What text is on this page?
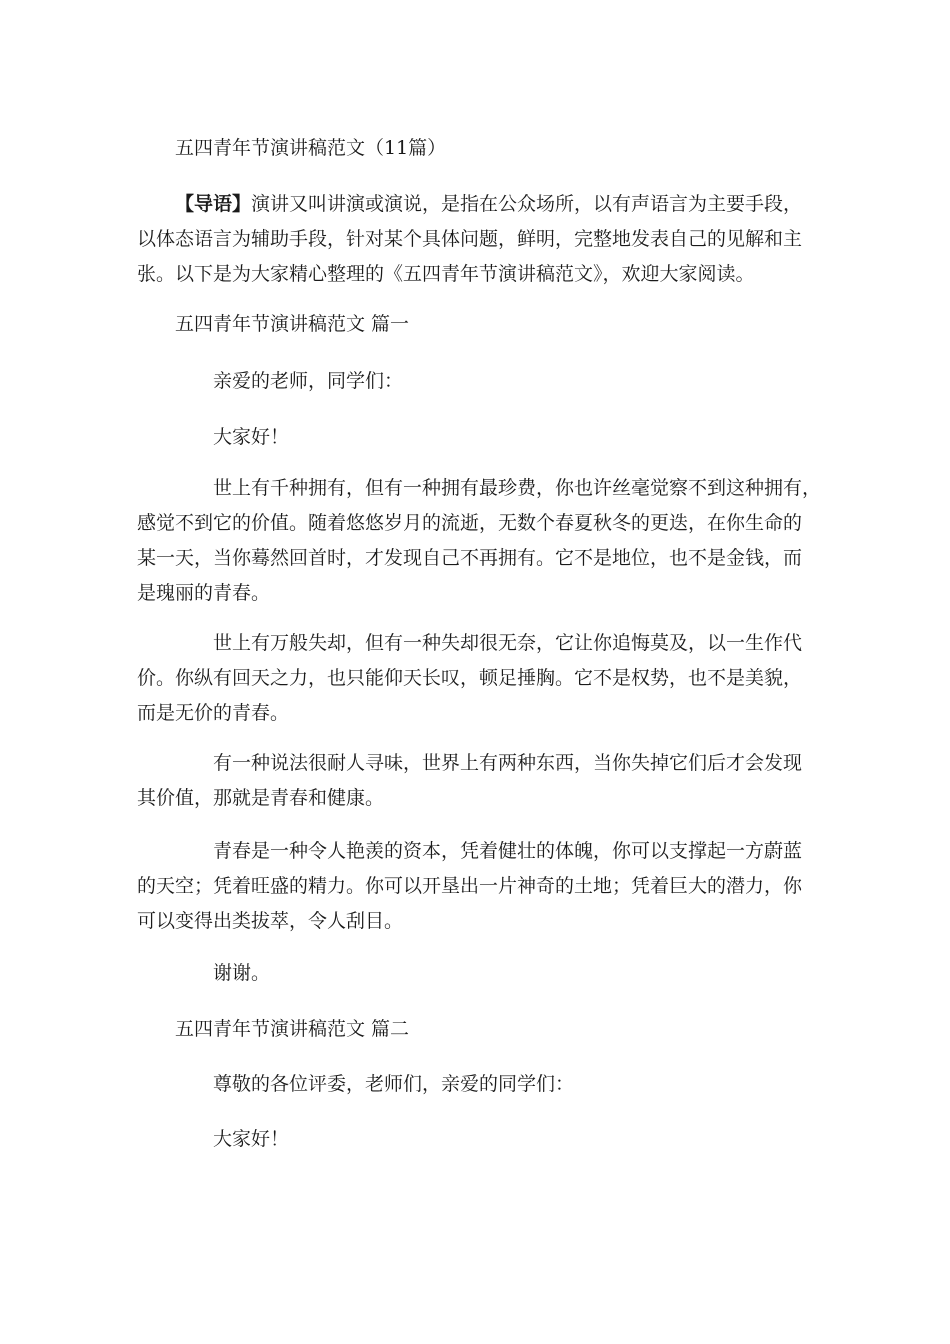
五四青年节演讲稿范文（11篇）
【导语】演讲又叫讲演或演说，是指在公众场所，以有声语言为主要手段，
以体态语言为辅助手段，针对某个具体问题，鲜明，完整地发表自己的见解和主
张。以下是为大家精心整理的《五四青年节演讲稿范文》，欢迎大家阅读。
五四青年节演讲稿范文 篇一
亲爱的老师，同学们：
大家好！
世上有千种拥有，但有一种拥有最珍费，你也许丝毫觉察不到这种拥有，
感觉不到它的价值。随着悠悠岁月的流逝，无数个春夏秋冬的更迭，在你生命的
某一天，当你蓦然回首时，才发现自己不再拥有。它不是地位，也不是金钱，而
是瑰丽的青春。
世上有万般失却，但有一种失却很无奈，它让你追悔莫及，以一生作代
价。你纵有回天之力，也只能仰天长叹，顿足捶胸。它不是权势，也不是美貌，
而是无价的青春。
有一种说法很耐人寻味，世界上有两种东西，当你失掉它们后才会发现
其价值，那就是青春和健康。
青春是一种令人艳羡的资本，凭着健壮的体魄，你可以支撑起一方蔚蓝
的天空；凭着旺盛的精力。你可以开垦出一片神奇的土地；凭着巨大的潜力，你
可以变得出类拔萃，令人刮目。
谢谢。
五四青年节演讲稿范文 篇二
尊敬的各位评委，老师们，亲爱的同学们：
大家好！
